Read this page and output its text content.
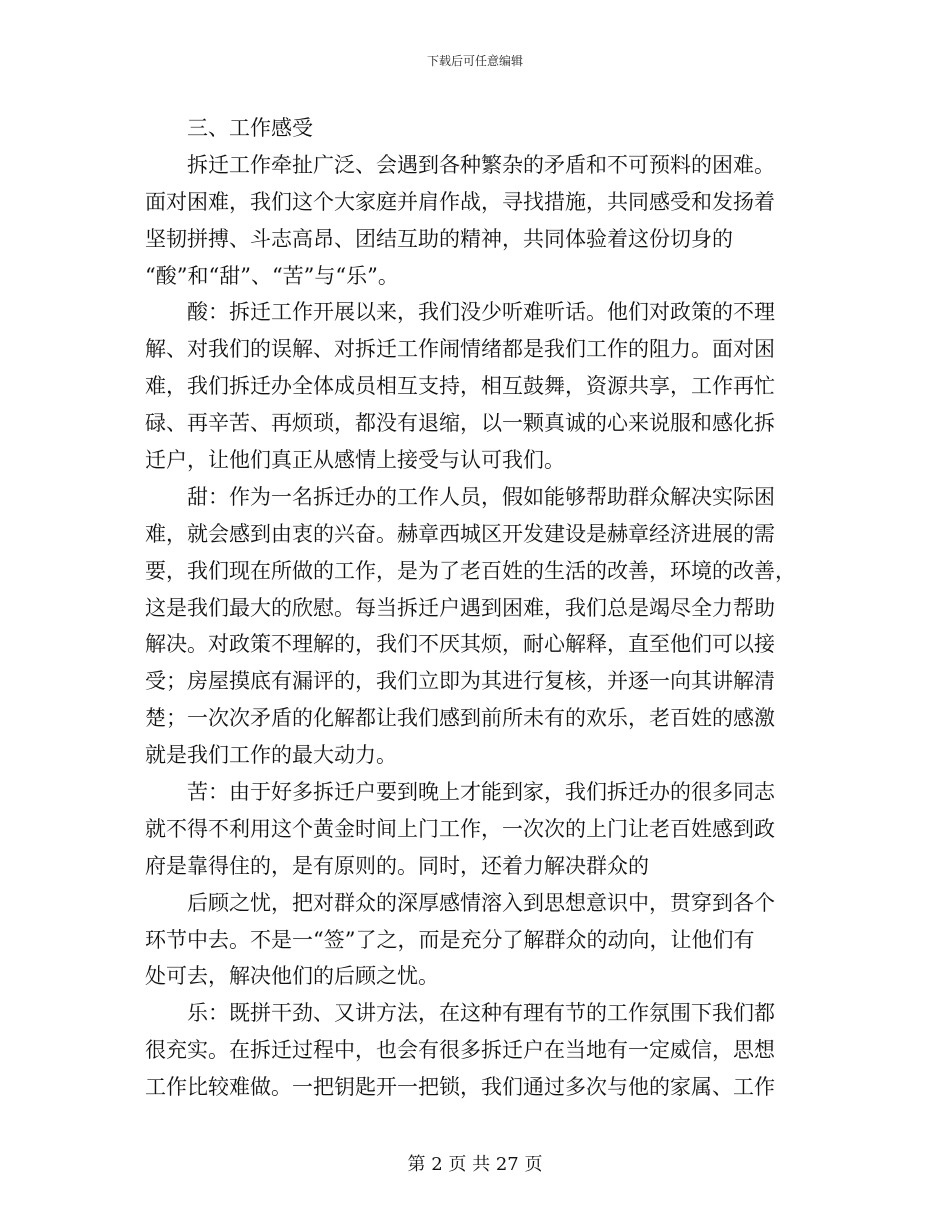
下载后可任意编辑
三、工作感受
拆迁工作牵扯广泛、会遇到各种繁杂的矛盾和不可预料的困难。
面对困难，我们这个大家庭并肩作战，寻找措施，共同感受和发扬着
坚韧拼搏、斗志高昂、团结互助的精神，共同体验着这份切身的
“酸”和“甜”、“苦”与“乐”。
酸：拆迁工作开展以来，我们没少听难听话。他们对政策的不理
解、对我们的误解、对拆迁工作闹情绪都是我们工作的阻力。面对困
难，我们拆迁办全体成员相互支持，相互鼓舞，资源共享，工作再忙
碌、再辛苦、再烦琐，都没有退缩，以一颗真诚的心来说服和感化拆
迁户，让他们真正从感情上接受与认可我们。
甜：作为一名拆迁办的工作人员，假如能够帮助群众解决实际困
难，就会感到由衷的兴奋。赫章西城区开发建设是赫章经济进展的需
要，我们现在所做的工作，是为了老百姓的生活的改善，环境的改善，
这是我们最大的欣慰。每当拆迁户遇到困难，我们总是竭尽全力帮助
解决。对政策不理解的，我们不厌其烦，耐心解释，直至他们可以接
受；房屋摸底有漏评的，我们立即为其进行复核，并逐一向其讲解清
楚；一次次矛盾的化解都让我们感到前所未有的欢乐，老百姓的感激
就是我们工作的最大动力。
苦：由于好多拆迁户要到晚上才能到家，我们拆迁办的很多同志
就不得不利用这个黄金时间上门工作，一次次的上门让老百姓感到政
府是靠得住的，是有原则的。同时，还着力解决群众的
后顾之忧，把对群众的深厚感情溶入到思想意识中，贯穿到各个
环节中去。不是一“签”了之，而是充分了解群众的动向，让他们有
处可去，解决他们的后顾之忧。
乐：既拼干劲、又讲方法，在这种有理有节的工作氛围下我们都
很充实。在拆迁过程中，也会有很多拆迁户在当地有一定威信，思想
工作比较难做。一把钥匙开一把锁，我们通过多次与他的家属、工作
第 2 页 共 27 页
